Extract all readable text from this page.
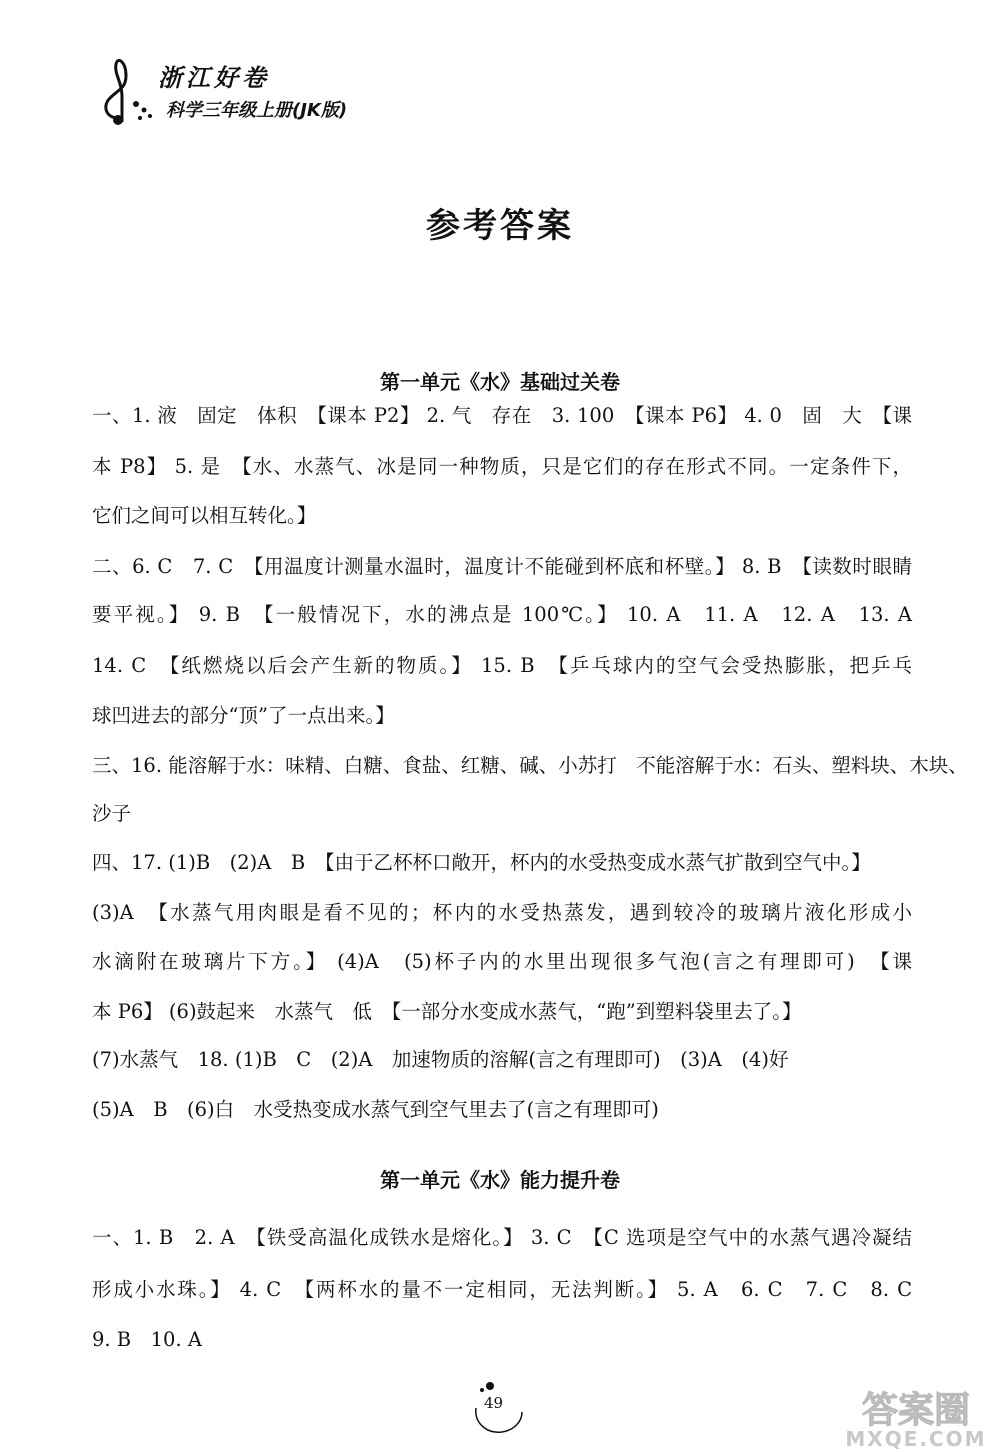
浙江好卷
科学三年级上册(JK版)
参考答案
第一单元《水》基础过关卷
一、1. 液　固定　体积　【课本 P2】 2. 气　存在　3. 100　【课本 P6】 4. 0　固　大　【课
本 P8】 5. 是　【水、水蒸气、冰是同一种物质，只是它们的存在形式不同。一定条件下，
它们之间可以相互转化。】
二、6. C　7. C　【用温度计测量水温时，温度计不能碰到杯底和杯壁。】 8. B　【读数时眼睛
要平视。】 9. B　【一般情况下，水的沸点是 100℃。】 10. A　11. A　12. A　13. A
14. C　【纸燃烧以后会产生新的物质。】 15. B　【乒乓球内的空气会受热膨胀，把乒乓
球凹进去的部分“顶”了一点出来。】
三、16. 能溶解于水：味精、白糖、食盐、红糖、碱、小苏打　不能溶解于水：石头、塑料块、木块、
沙子
四、17. (1)B　(2)A　B　【由于乙杯杯口敞开，杯内的水受热变成水蒸气扩散到空气中。】
(3)A　【水蒸气用肉眼是看不见的；杯内的水受热蒸发，遇到较冷的玻璃片液化形成小
水滴附在玻璃片下方。】 (4)A　(5)杯子内的水里出现很多气泡(言之有理即可)　【课
本 P6】 (6)鼓起来　水蒸气　低　【一部分水变成水蒸气，“跑”到塑料袋里去了。】
(7)水蒸气　18. (1)B　C　(2)A　加速物质的溶解(言之有理即可)　(3)A　(4)好
(5)A　B　(6)白　水受热变成水蒸气到空气里去了(言之有理即可)
第一单元《水》能力提升卷
一、1. B　2. A　【铁受高温化成铁水是熔化。】 3. C　【C 选项是空气中的水蒸气遇冷凝结
形成小水珠。】 4. C　【两杯水的量不一定相同，无法判断。】 5. A　6. C　7. C　8. C
9. B　10. A
49	答案圈
MXQE.COM
